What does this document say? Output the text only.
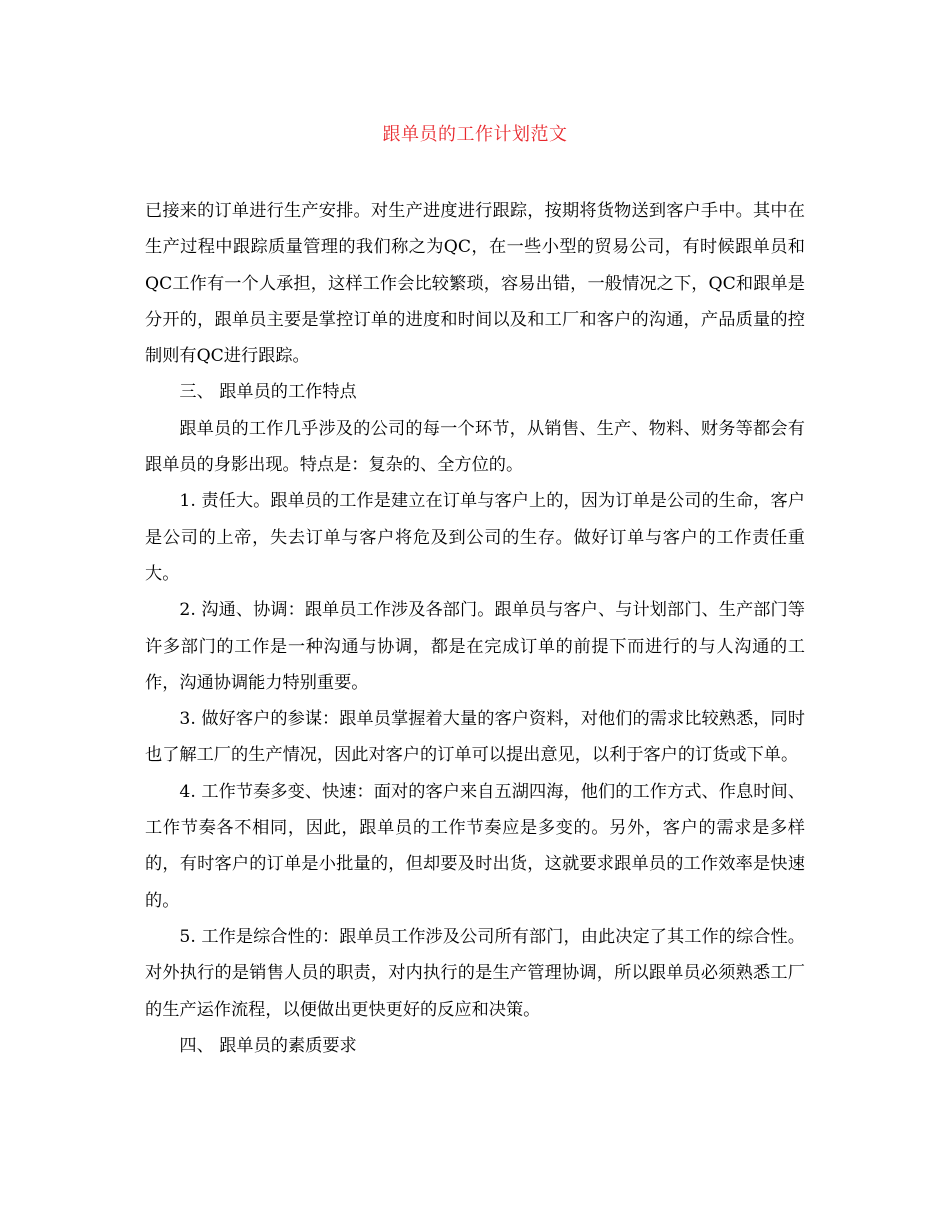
跟单员的工作计划范文

已接来的订单进行生产安排。对生产进度进行跟踪，按期将货物送到客户手中。其中在生产过程中跟踪质量管理的我们称之为QC，在一些小型的贸易公司，有时候跟单员和QC工作有一个人承担，这样工作会比较繁琐，容易出错，一般情况之下，QC和跟单是分开的，跟单员主要是掌控订单的进度和时间以及和工厂和客户的沟通，产品质量的控制则有QC进行跟踪。

三、 跟单员的工作特点

跟单员的工作几乎涉及的公司的每一个环节，从销售、生产、物料、财务等都会有跟单员的身影出现。特点是：复杂的、全方位的。

1. 责任大。跟单员的工作是建立在订单与客户上的，因为订单是公司的生命，客户是公司的上帝，失去订单与客户将危及到公司的生存。做好订单与客户的工作责任重大。

2. 沟通、协调：跟单员工作涉及各部门。跟单员与客户、与计划部门、生产部门等许多部门的工作是一种沟通与协调，都是在完成订单的前提下而进行的与人沟通的工作，沟通协调能力特别重要。

3. 做好客户的参谋：跟单员掌握着大量的客户资料，对他们的需求比较熟悉，同时也了解工厂的生产情况，因此对客户的订单可以提出意见，以利于客户的订货或下单。

4. 工作节奏多变、快速：面对的客户来自五湖四海，他们的工作方式、作息时间、工作节奏各不相同，因此，跟单员的工作节奏应是多变的。另外，客户的需求是多样的，有时客户的订单是小批量的，但却要及时出货，这就要求跟单员的工作效率是快速的。

5. 工作是综合性的：跟单员工作涉及公司所有部门，由此决定了其工作的综合性。对外执行的是销售人员的职责，对内执行的是生产管理协调，所以跟单员必须熟悉工厂的生产运作流程，以便做出更快更好的反应和决策。

四、 跟单员的素质要求
